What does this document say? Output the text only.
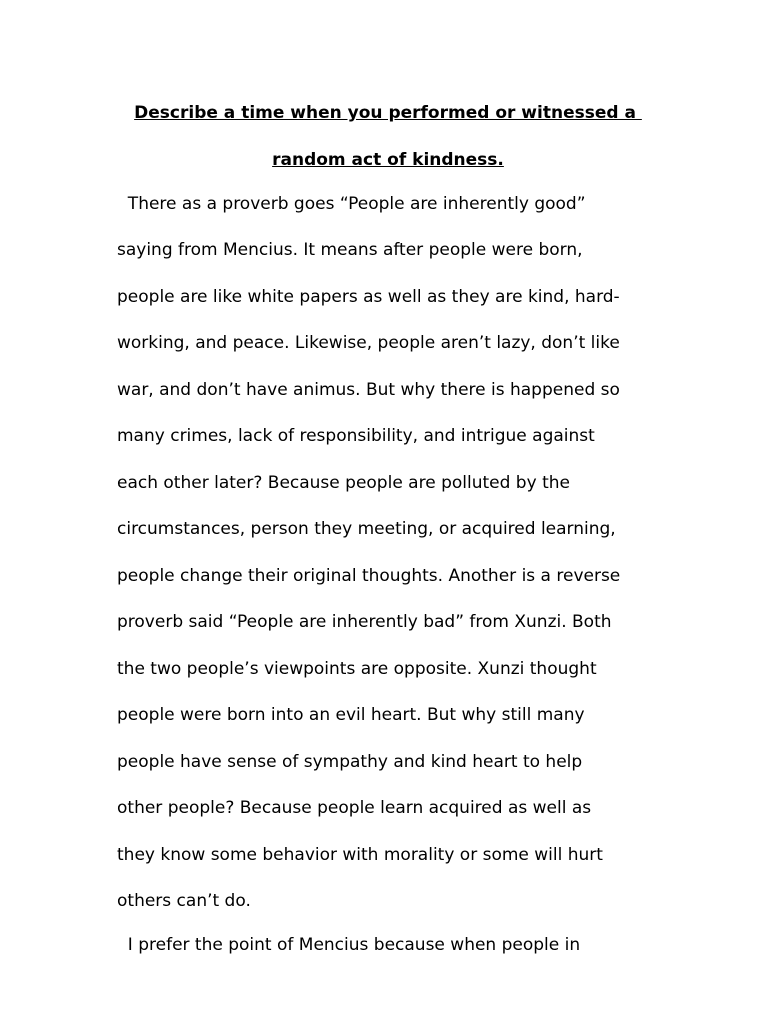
Describe a time when you performed or witnessed a
random act of kindness.
There as a proverb goes “People are inherently good”
saying from Mencius. It means after people were born,
people are like white papers as well as they are kind, hard-
working, and peace. Likewise, people aren’t lazy, don’t like
war, and don’t have animus. But why there is happened so
many crimes, lack of responsibility, and intrigue against
each other later? Because people are polluted by the
circumstances, person they meeting, or acquired learning,
people change their original thoughts. Another is a reverse
proverb said “People are inherently bad” from Xunzi. Both
the two people’s viewpoints are opposite. Xunzi thought
people were born into an evil heart. But why still many
people have sense of sympathy and kind heart to help
other people? Because people learn acquired as well as
they know some behavior with morality or some will hurt
others can’t do.
I prefer the point of Mencius because when people in
